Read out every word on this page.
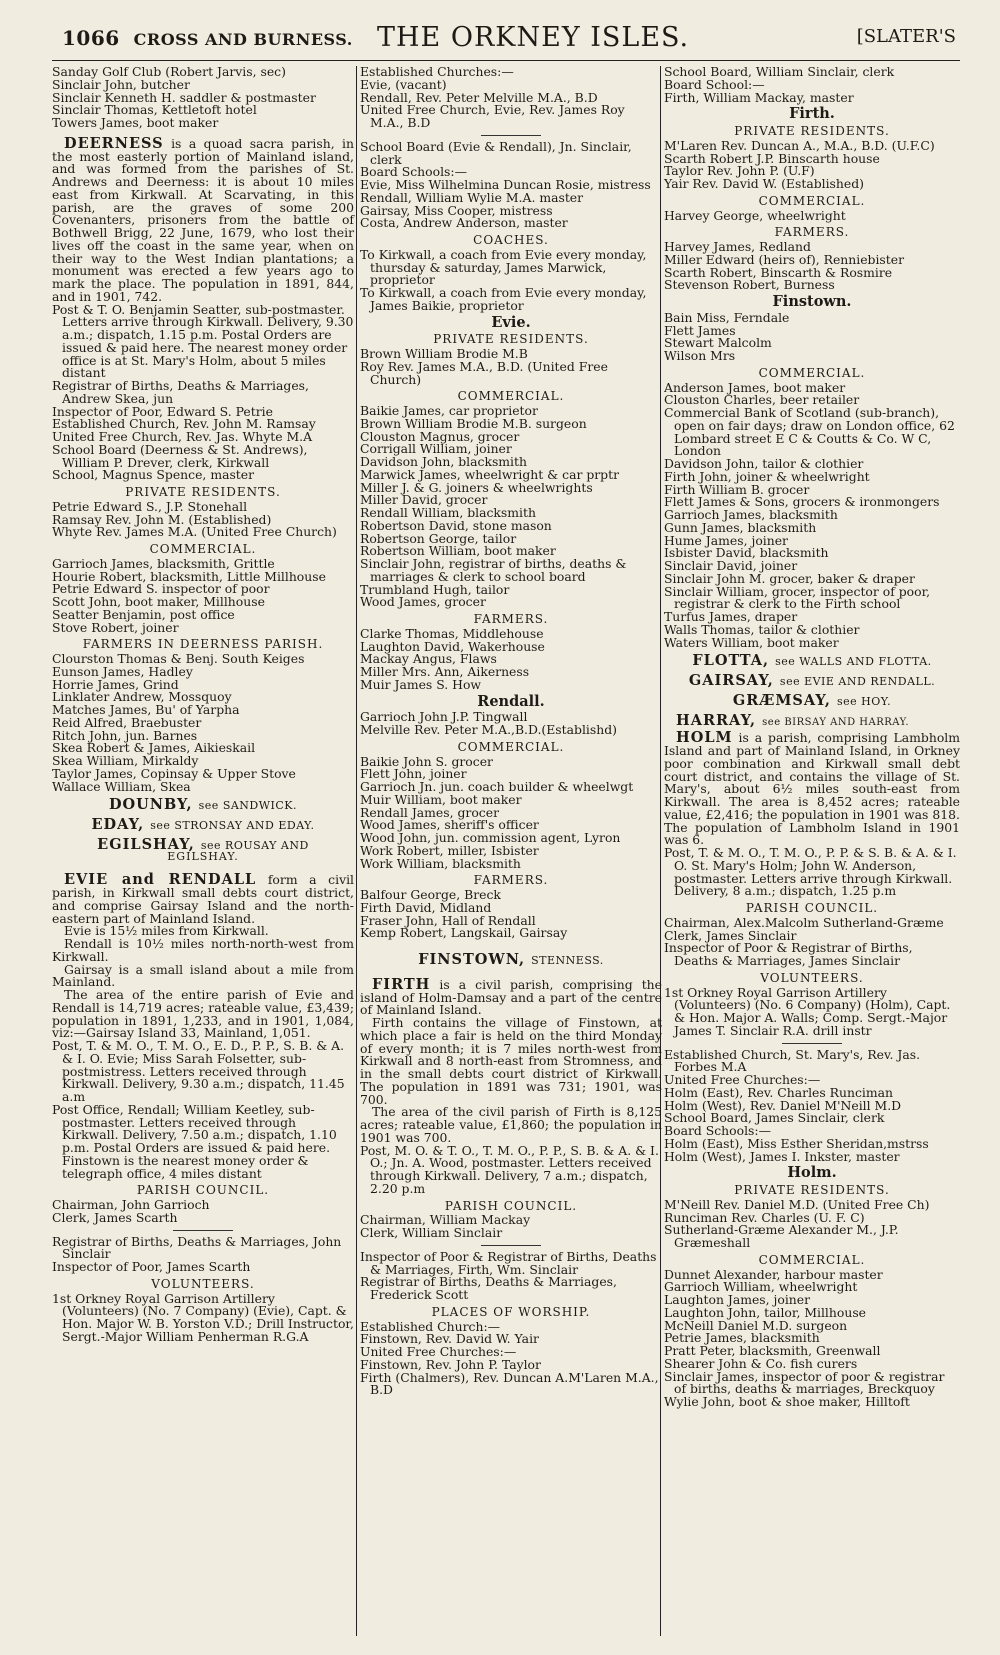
1066 CROSS AND BURNESS. THE ORKNEY ISLES.	[SLATER'S

Sanday Golf Club (Robert Jarvis, sec)

Sinclair John, butcher

Sinclair Kenneth H. saddler & postmaster

Sinclair Thomas, Kettletoft hotel

Towers James, boot maker

DEERNESS is a quoad sacra parish, in the most easterly portion of Mainland island, and was formed from the parishes of St. Andrews and Deerness: it is about 10 miles east from Kirkwall. At Scarvating, in this parish, are the graves of some 200 Covenanters, prisoners from the battle of Bothwell Brigg, 22 June, 1679, who lost their lives off the coast in the same year, when on their way to the West Indian plantations; a monument was erected a few years ago to mark the place. The population in 1891, 844, and in 1901, 742.

Post & T. O. Benjamin Seatter, sub-postmaster. Letters arrive through Kirkwall. Delivery, 9.30 a.m.; dispatch, 1.15 p.m. Postal Orders are issued & paid here. The nearest money order office is at St. Mary's Holm, about 5 miles distant

Registrar of Births, Deaths & Marriages, Andrew Skea, jun

Inspector of Poor, Edward S. Petrie

Established Church, Rev. John M. Ramsay

United Free Church, Rev. Jas. Whyte M.A

School Board (Deerness & St. Andrews), William P. Drever, clerk, Kirkwall

School, Magnus Spence, master

PRIVATE RESIDENTS.

Petrie Edward S., J.P. Stonehall

Ramsay Rev. John M. (Established)

Whyte Rev. James M.A. (United Free Church)

COMMERCIAL.

Garrioch James, blacksmith, Grittle

Hourie Robert, blacksmith, Little Millhouse

Petrie Edward S. inspector of poor

Scott John, boot maker, Millhouse

Seatter Benjamin, post office

Stove Robert, joiner

FARMERS IN DEERNESS PARISH.

Clourston Thomas & Benj. South Keiges

Eunson James, Hadley

Horrie James, Grind

Linklater Andrew, Mossquoy

Matches James, Bu' of Yarpha

Reid Alfred, Braebuster

Ritch John, jun. Barnes

Skea Robert & James, Aikieskail

Skea William, Mirkaldy

Taylor James, Copinsay & Upper Stove

Wallace William, Skea

DOUNBY, see SANDWICK.

EDAY, see STRONSAY AND EDAY.

EGILSHAY, see ROUSAY AND
EGILSHAY.

EVIE and RENDALL form a civil parish, in Kirkwall small debts court district, and comprise Gairsay Island and the north-eastern part of Mainland Island.

Evie is 15½ miles from Kirkwall.

Rendall is 10½ miles north-north-west from Kirkwall.

Gairsay is a small island about a mile from Mainland.

The area of the entire parish of Evie and Rendall is 14,719 acres; rateable value, £3,439; population in 1891, 1,233, and in 1901, 1,084, viz:—Gairsay Island 33, Mainland, 1,051.

Post, T. & M. O., T. M. O., E. D., P. P., S. B. & A. & I. O. Evie; Miss Sarah Folsetter, sub-postmistress. Letters received through Kirkwall. Delivery, 9.30 a.m.; dispatch, 11.45 a.m

Post Office, Rendall; William Keetley, sub-postmaster. Letters received through Kirkwall. Delivery, 7.50 a.m.; dispatch, 1.10 p.m. Postal Orders are issued & paid here. Finstown is the nearest money order & telegraph office, 4 miles distant

PARISH COUNCIL.

Chairman, John Garrioch

Clerk, James Scarth

Registrar of Births, Deaths & Marriages, John Sinclair

Inspector of Poor, James Scarth

VOLUNTEERS.

1st Orkney Royal Garrison Artillery (Volunteers) (No. 7 Company) (Evie), Capt. & Hon. Major W. B. Yorston V.D.; Drill Instructor, Sergt.-Major William Penherman R.G.A

Established Churches:—

Evie, (vacant)

Rendall, Rev. Peter Melville M.A., B.D

United Free Church, Evie, Rev. James Roy M.A., B.D

School Board (Evie & Rendall), Jn. Sinclair, clerk

Board Schools:—

Evie, Miss Wilhelmina Duncan Rosie, mistress

Rendall, William Wylie M.A. master

Gairsay, Miss Cooper, mistress

Costa, Andrew Anderson, master

COACHES.

To Kirkwall, a coach from Evie every monday, thursday & saturday, James Marwick, proprietor

To Kirkwall, a coach from Evie every monday, James Baikie, proprietor

Evie.

PRIVATE RESIDENTS.

Brown William Brodie M.B

Roy Rev. James M.A., B.D. (United Free Church)

COMMERCIAL.

Baikie James, car proprietor

Brown William Brodie M.B. surgeon

Clouston Magnus, grocer

Corrigall William, joiner

Davidson John, blacksmith

Marwick James, wheelwright & car prptr

Miller J. & G. joiners & wheelwrights

Miller David, grocer

Rendall William, blacksmith

Robertson David, stone mason

Robertson George, tailor

Robertson William, boot maker

Sinclair John, registrar of births, deaths & marriages & clerk to school board

Trumbland Hugh, tailor

Wood James, grocer

FARMERS.

Clarke Thomas, Middlehouse

Laughton David, Wakerhouse

Mackay Angus, Flaws

Miller Mrs. Ann, Aikerness

Muir James S. How

Rendall.

Garrioch John J.P. Tingwall

Melville Rev. Peter M.A.,B.D.(Establishd)

COMMERCIAL.

Baikie John S. grocer

Flett John, joiner

Garrioch Jn. jun. coach builder & wheelwgt

Muir William, boot maker

Rendall James, grocer

Wood James, sheriff's officer

Wood John, jun. commission agent, Lyron

Work Robert, miller, Isbister

Work William, blacksmith

FARMERS.

Balfour George, Breck

Firth David, Midland

Fraser John, Hall of Rendall

Kemp Robert, Langskail, Gairsay

FINSTOWN, STENNESS.

FIRTH is a civil parish, comprising the island of Holm-Damsay and a part of the centre of Mainland Island.

Firth contains the village of Finstown, at which place a fair is held on the third Monday of every month; it is 7 miles north-west from Kirkwall and 8 north-east from Stromness, and in the small debts court district of Kirkwall. The population in 1891 was 731; 1901, was 700.

The area of the civil parish of Firth is 8,125 acres; rateable value, £1,860; the population in 1901 was 700.

Post, M. O. & T. O., T. M. O., P. P., S. B. & A. & I. O.; Jn. A. Wood, postmaster. Letters received through Kirkwall. Delivery, 7 a.m.; dispatch, 2.20 p.m

PARISH COUNCIL.

Chairman, William Mackay

Clerk, William Sinclair

Inspector of Poor & Registrar of Births, Deaths & Marriages, Firth, Wm. Sinclair

Registrar of Births, Deaths & Marriages, Frederick Scott

PLACES OF WORSHIP.

Established Church:—

Finstown, Rev. David W. Yair

United Free Churches:—

Finstown, Rev. John P. Taylor

Firth (Chalmers), Rev. Duncan A.M'Laren M.A., B.D

School Board, William Sinclair, clerk

Board School:—

Firth, William Mackay, master

Firth.

PRIVATE RESIDENTS.

M'Laren Rev. Duncan A., M.A., B.D. (U.F.C)

Scarth Robert J.P. Binscarth house

Taylor Rev. John P. (U.F)

Yair Rev. David W. (Established)

COMMERCIAL.

Harvey George, wheelwright

FARMERS.

Harvey James, Redland

Miller Edward (heirs of), Renniebister

Scarth Robert, Binscarth & Rosmire

Stevenson Robert, Burness

Finstown.

Bain Miss, Ferndale

Flett James

Stewart Malcolm

Wilson Mrs

COMMERCIAL.

Anderson James, boot maker

Clouston Charles, beer retailer

Commercial Bank of Scotland (sub-branch), open on fair days; draw on London office, 62 Lombard street E C & Coutts & Co. W C, London

Davidson John, tailor & clothier

Firth John, joiner & wheelwright

Firth William B. grocer

Flett James & Sons, grocers & ironmongers

Garrioch James, blacksmith

Gunn James, blacksmith

Hume James, joiner

Isbister David, blacksmith

Sinclair David, joiner

Sinclair John M. grocer, baker & draper

Sinclair William, grocer, inspector of poor, registrar & clerk to the Firth school

Turfus James, draper

Walls Thomas, tailor & clothier

Waters William, boot maker

FLOTTA, see WALLS AND FLOTTA.

GAIRSAY, see EVIE AND RENDALL.

GRÆMSAY, see HOY.

HARRAY, see BIRSAY AND HARRAY.

HOLM is a parish, comprising Lambholm Island and part of Mainland Island, in Orkney poor combination and Kirkwall small debt court district, and contains the village of St. Mary's, about 6½ miles south-east from Kirkwall. The area is 8,452 acres; rateable value, £2,416; the population in 1901 was 818. The population of Lambholm Island in 1901 was 6.

Post, T. & M. O., T. M. O., P. P. & S. B. & A. & I. O. St. Mary's Holm; John W. Anderson, postmaster. Letters arrive through Kirkwall. Delivery, 8 a.m.; dispatch, 1.25 p.m

PARISH COUNCIL.

Chairman, Alex.Malcolm Sutherland-Græme

Clerk, James Sinclair

Inspector of Poor & Registrar of Births, Deaths & Marriages, James Sinclair

VOLUNTEERS.

1st Orkney Royal Garrison Artillery (Volunteers) (No. 6 Company) (Holm), Capt. & Hon. Major A. Walls; Comp. Sergt.-Major James T. Sinclair R.A. drill instr

Established Church, St. Mary's, Rev. Jas. Forbes M.A

United Free Churches:—

Holm (East), Rev. Charles Runciman

Holm (West), Rev. Daniel M'Neill M.D

School Board, James Sinclair, clerk

Board Schools:—

Holm (East), Miss Esther Sheridan,mstrss

Holm (West), James I. Inkster, master

Holm.

PRIVATE RESIDENTS.

M'Neill Rev. Daniel M.D. (United Free Ch)

Runciman Rev. Charles (U. F. C)

Sutherland-Græme Alexander M., J.P. Græmeshall

COMMERCIAL.

Dunnet Alexander, harbour master

Garrioch William, wheelwright

Laughton James, joiner

Laughton John, tailor, Millhouse

McNeill Daniel M.D. surgeon

Petrie James, blacksmith

Pratt Peter, blacksmith, Greenwall

Shearer John & Co. fish curers

Sinclair James, inspector of poor & registrar of births, deaths & marriages, Breckquoy

Wylie John, boot & shoe maker, Hilltoft
